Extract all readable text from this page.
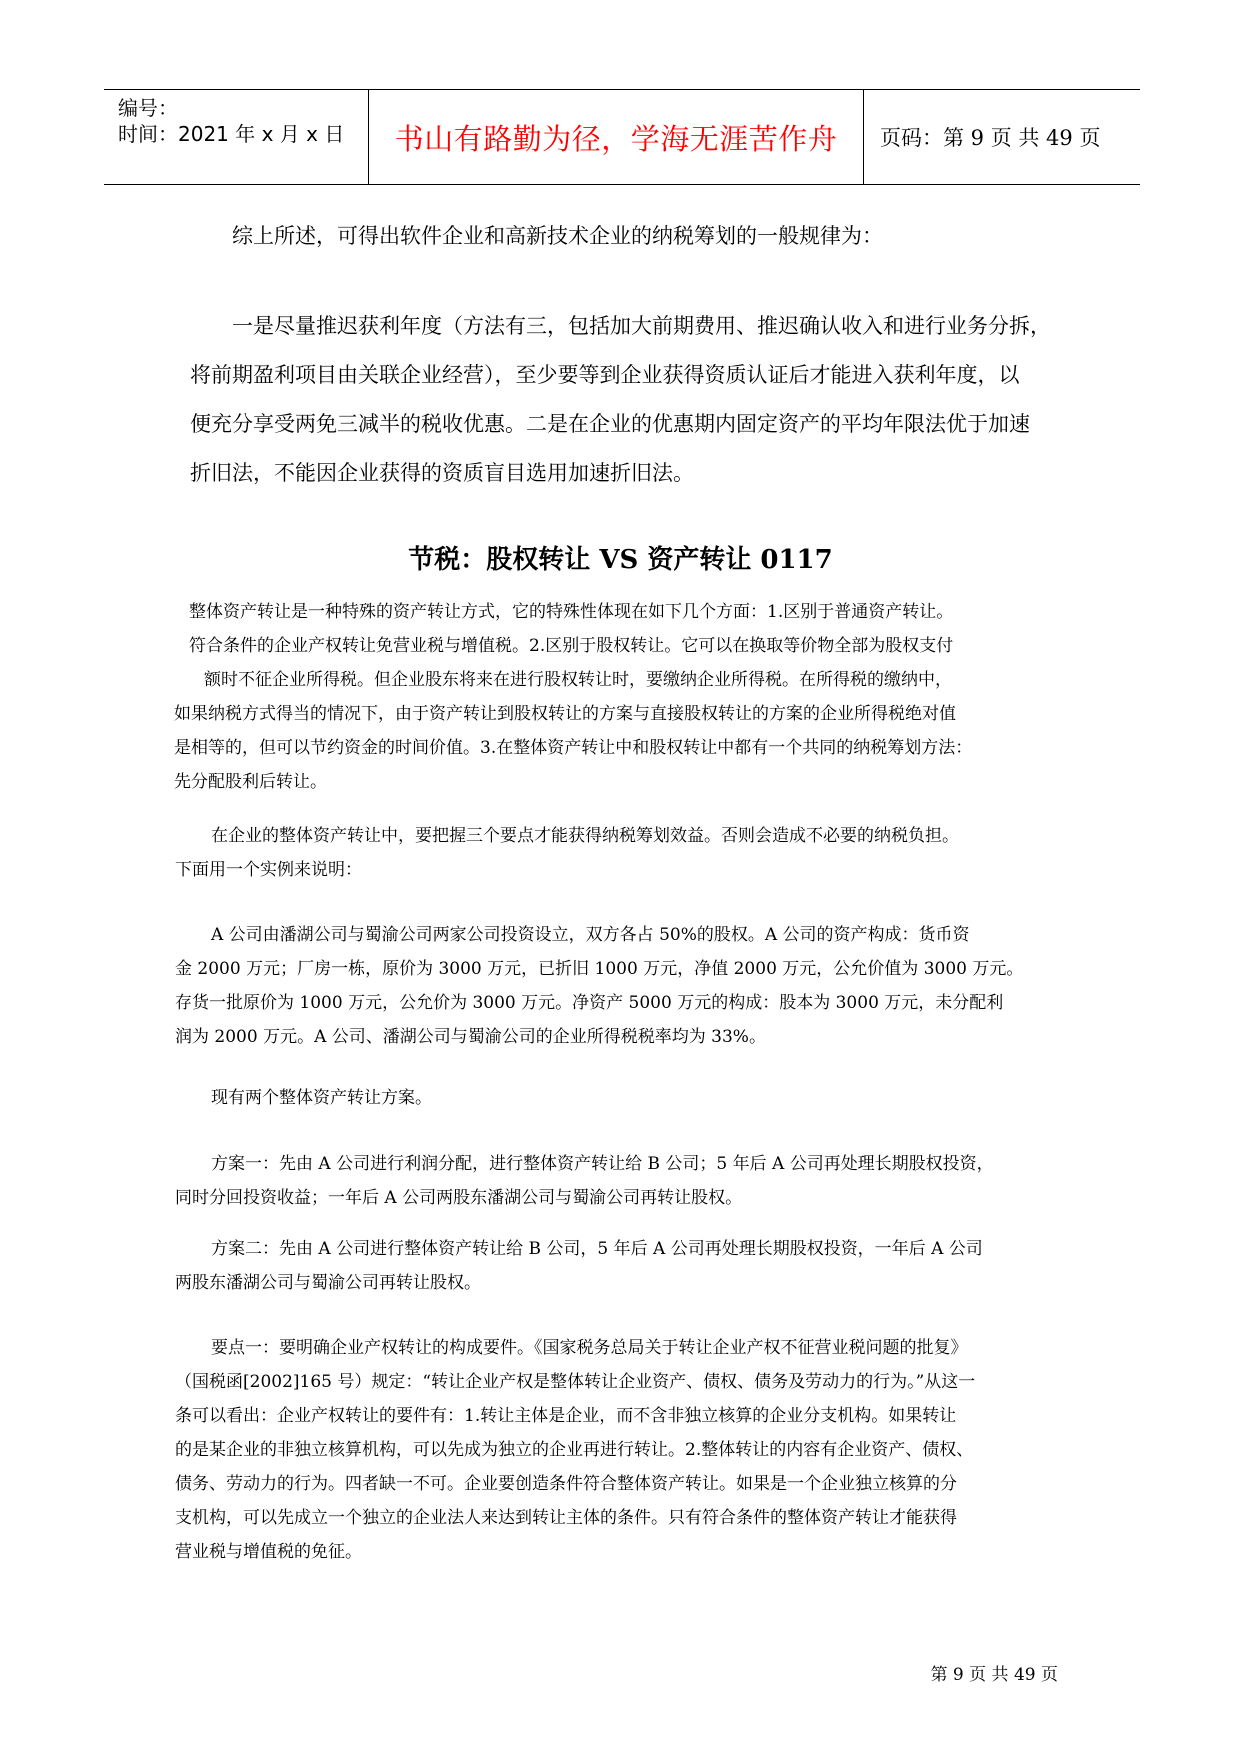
编号：
时间：2021 年 x 月 x 日	书山有路勤为径，学海无涯苦作舟	页码：第 9 页 共 49 页
综上所述，可得出软件企业和高新技术企业的纳税筹划的一般规律为：
一是尽量推迟获利年度（方法有三，包括加大前期费用、推迟确认收入和进行业务分拆，
将前期盈利项目由关联企业经营），至少要等到企业获得资质认证后才能进入获利年度，以
便充分享受两免三减半的税收优惠。二是在企业的优惠期内固定资产的平均年限法优于加速
折旧法，不能因企业获得的资质盲目选用加速折旧法。
节税：股权转让 VS 资产转让 0117
整体资产转让是一种特殊的资产转让方式，它的特殊性体现在如下几个方面：1.区别于普通资产转让。
符合条件的企业产权转让免营业税与增值税。2.区别于股权转让。它可以在换取等价物全部为股权支付
额时不征企业所得税。但企业股东将来在进行股权转让时，要缴纳企业所得税。在所得税的缴纳中，
如果纳税方式得当的情况下，由于资产转让到股权转让的方案与直接股权转让的方案的企业所得税绝对值
是相等的，但可以节约资金的时间价值。3.在整体资产转让中和股权转让中都有一个共同的纳税筹划方法：
先分配股利后转让。
在企业的整体资产转让中，要把握三个要点才能获得纳税筹划效益。否则会造成不必要的纳税负担。
下面用一个实例来说明：
A 公司由潘湖公司与蜀渝公司两家公司投资设立，双方各占 50%的股权。A 公司的资产构成：货币资
金 2000 万元；厂房一栋，原价为 3000 万元，已折旧 1000 万元，净值 2000 万元，公允价值为 3000 万元。
存货一批原价为 1000 万元，公允价为 3000 万元。净资产 5000 万元的构成：股本为 3000 万元，未分配利
润为 2000 万元。A 公司、潘湖公司与蜀渝公司的企业所得税税率均为 33%。
现有两个整体资产转让方案。
方案一：先由 A 公司进行利润分配，进行整体资产转让给 B 公司；5 年后 A 公司再处理长期股权投资，
同时分回投资收益；一年后 A 公司两股东潘湖公司与蜀渝公司再转让股权。
方案二：先由 A 公司进行整体资产转让给 B 公司，5 年后 A 公司再处理长期股权投资，一年后 A 公司
两股东潘湖公司与蜀渝公司再转让股权。
要点一：要明确企业产权转让的构成要件。《国家税务总局关于转让企业产权不征营业税问题的批复》
（国税函[2002]165 号）规定：“转让企业产权是整体转让企业资产、债权、债务及劳动力的行为。”从这一
条可以看出：企业产权转让的要件有：1.转让主体是企业，而不含非独立核算的企业分支机构。如果转让
的是某企业的非独立核算机构，可以先成为独立的企业再进行转让。2.整体转让的内容有企业资产、债权、
债务、劳动力的行为。四者缺一不可。企业要创造条件符合整体资产转让。如果是一个企业独立核算的分
支机构，可以先成立一个独立的企业法人来达到转让主体的条件。只有符合条件的整体资产转让才能获得
营业税与增值税的免征。
第 9 页 共 49 页
